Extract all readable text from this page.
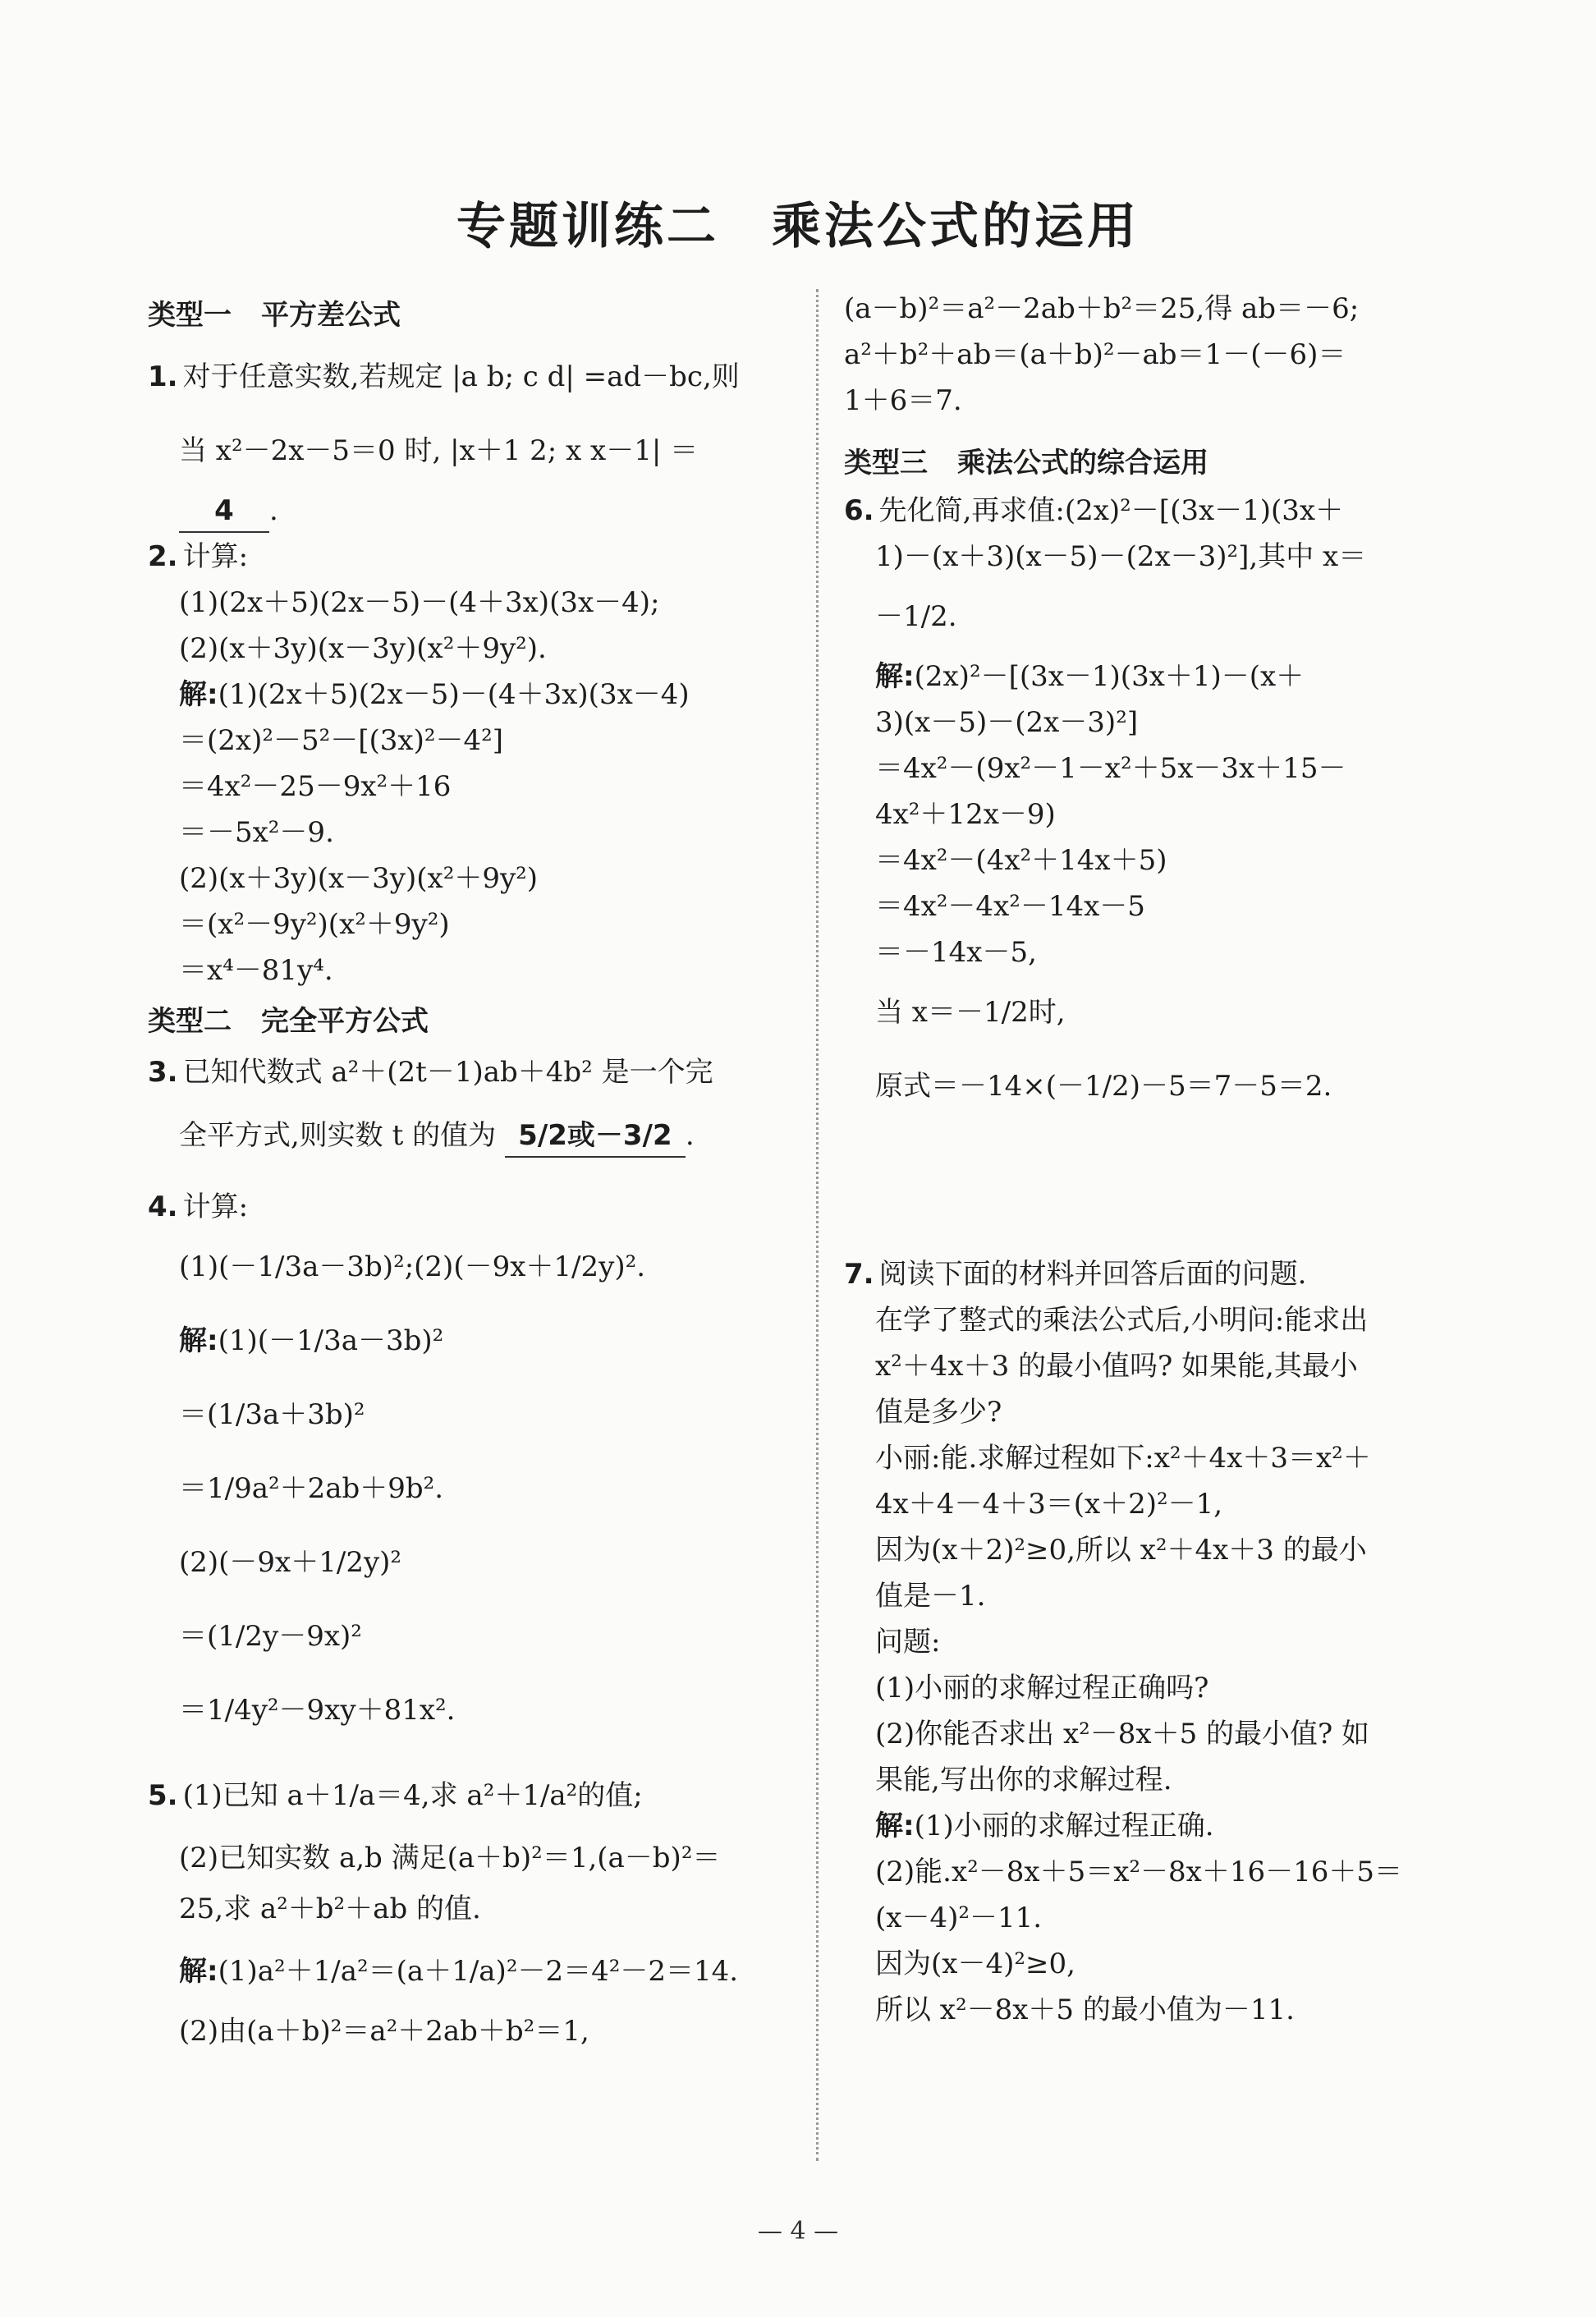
专题训练二　乘法公式的运用
类型一 平方差公式
1. 对于任意实数,若规定 |a b; c d| =ad－bc,则
当 x²－2x－5＝0 时, |x＋1 2; x x－1| ＝
4 .
2. 计算:
(1)(2x＋5)(2x－5)－(4＋3x)(3x－4);
(2)(x＋3y)(x－3y)(x²＋9y²).
解:(1)(2x＋5)(2x－5)－(4＋3x)(3x－4)
＝(2x)²－5²－[(3x)²－4²]
＝4x²－25－9x²＋16
＝－5x²－9.
(2)(x＋3y)(x－3y)(x²＋9y²)
＝(x²－9y²)(x²＋9y²)
＝x⁴－81y⁴.
类型二 完全平方公式
3. 已知代数式 a²＋(2t－1)ab＋4b² 是一个完
全平方式,则实数 t 的值为 5/2或－3/2 .
4. 计算:
(1)(－1/3a－3b)²;(2)(－9x＋1/2y)².
解:(1)(－1/3a－3b)²
＝(1/3a＋3b)²
＝1/9a²＋2ab＋9b².
(2)(－9x＋1/2y)²
＝(1/2y－9x)²
＝1/4y²－9xy＋81x².
5. (1)已知 a＋1/a＝4,求 a²＋1/a²的值;
(2)已知实数 a,b 满足(a＋b)²＝1,(a－b)²＝
25,求 a²＋b²＋ab 的值.
解:(1)a²＋1/a²＝(a＋1/a)²－2＝4²－2＝14.
(2)由(a＋b)²＝a²＋2ab＋b²＝1,
(a－b)²＝a²－2ab＋b²＝25,得 ab＝－6;
a²＋b²＋ab＝(a＋b)²－ab＝1－(－6)＝
1＋6＝7.
类型三 乘法公式的综合运用
6. 先化简,再求值:(2x)²－[(3x－1)(3x＋
1)－(x＋3)(x－5)－(2x－3)²],其中 x＝
－1/2.
解:(2x)²－[(3x－1)(3x＋1)－(x＋
3)(x－5)－(2x－3)²]
＝4x²－(9x²－1－x²＋5x－3x＋15－
4x²＋12x－9)
＝4x²－(4x²＋14x＋5)
＝4x²－4x²－14x－5
＝－14x－5,
当 x＝－1/2时,
原式＝－14×(－1/2)－5＝7－5＝2.
7. 阅读下面的材料并回答后面的问题.
在学了整式的乘法公式后,小明问:能求出
x²＋4x＋3 的最小值吗? 如果能,其最小
值是多少?
小丽:能.求解过程如下:x²＋4x＋3＝x²＋
4x＋4－4＋3＝(x＋2)²－1,
因为(x＋2)²≥0,所以 x²＋4x＋3 的最小
值是－1.
问题:
(1)小丽的求解过程正确吗?
(2)你能否求出 x²－8x＋5 的最小值? 如
果能,写出你的求解过程.
解:(1)小丽的求解过程正确.
(2)能.x²－8x＋5＝x²－8x＋16－16＋5＝
(x－4)²－11.
因为(x－4)²≥0,
所以 x²－8x＋5 的最小值为－11.
— 4 —
